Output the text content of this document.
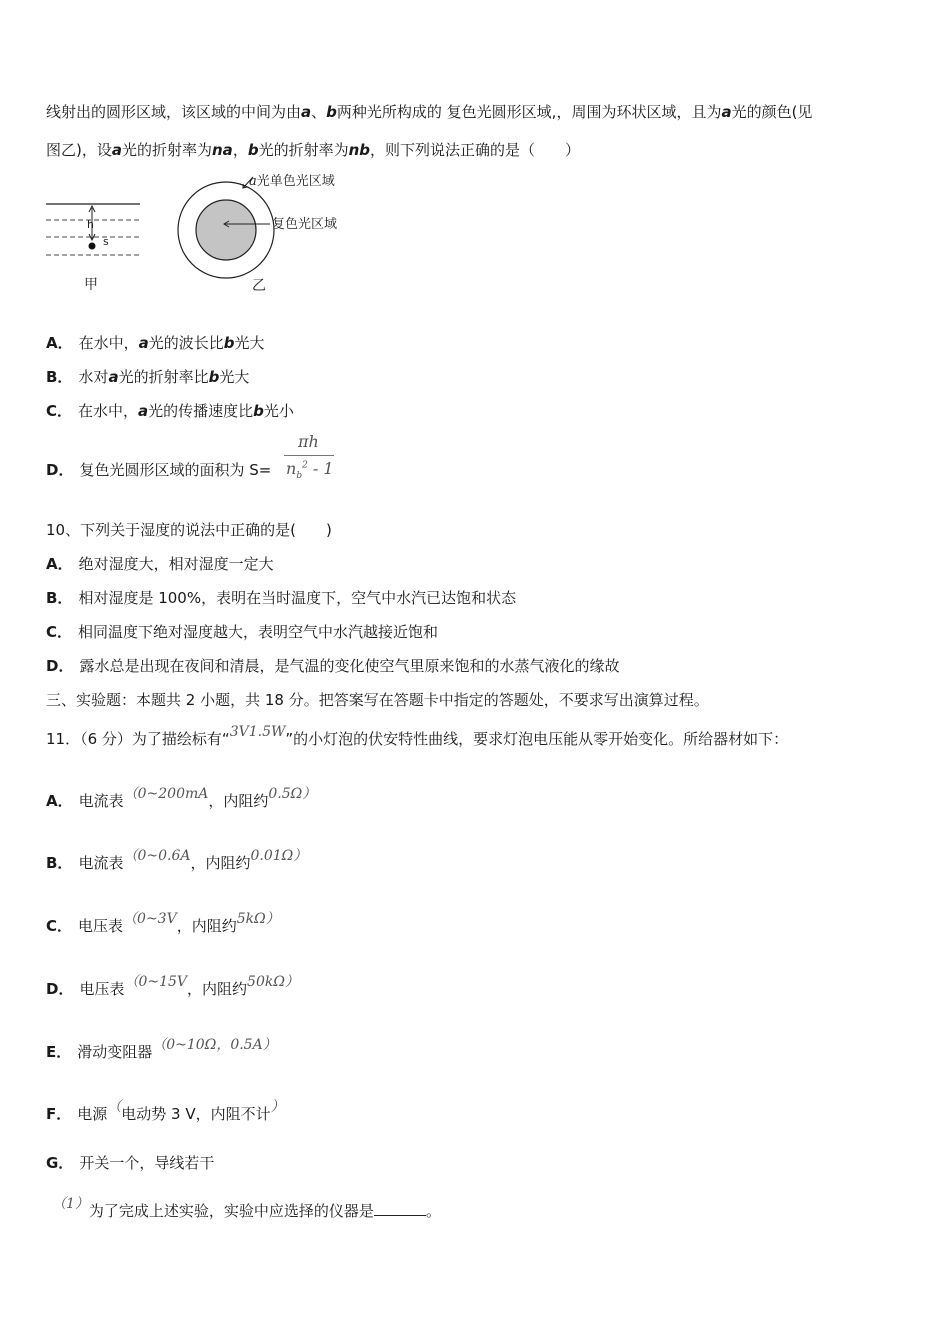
线射出的圆形区域，该区域的中间为由a、b两种光所构成的 复色光圆形区域,，周围为环状区域，且为a光的颜色(见
图乙)，设a光的折射率为na，b光的折射率为nb，则下列说法正确的是（　　）
h
s
甲
a光单色光区域
复色光区域
乙
A． 在水中，a光的波长比b光大
B． 水对a光的折射率比b光大
C． 在水中，a光的传播速度比b光小
D． 复色光圆形区域的面积为 S=
πh
$n_b^2 - 1$
10、下列关于湿度的说法中正确的是(　　)
A． 绝对湿度大，相对湿度一定大
B． 相对湿度是 100%，表明在当时温度下，空气中水汽已达饱和状态
C． 相同温度下绝对湿度越大，表明空气中水汽越接近饱和
D． 露水总是出现在夜间和清晨，是气温的变化使空气里原来饱和的水蒸气液化的缘故
三、实验题：本题共 2 小题，共 18 分。把答案写在答题卡中指定的答题处，不要求写出演算过程。
11．（6 分）为了描绘标有“3V1.5W”的小灯泡的伏安特性曲线，要求灯泡电压能从零开始变化。所给器材如下：
A． 电流表（0~200mA，内阻约0.5Ω）
B． 电流表（0~0.6A，内阻约0.01Ω）
C． 电压表（0~3V，内阻约5kΩ）
D． 电压表（0~15V，内阻约50kΩ）
E． 滑动变阻器（0~10Ω，0.5A）
F． 电源（电动势 3 V，内阻不计）
G． 开关一个，导线若干
（1）为了完成上述实验，实验中应选择的仪器是	。
